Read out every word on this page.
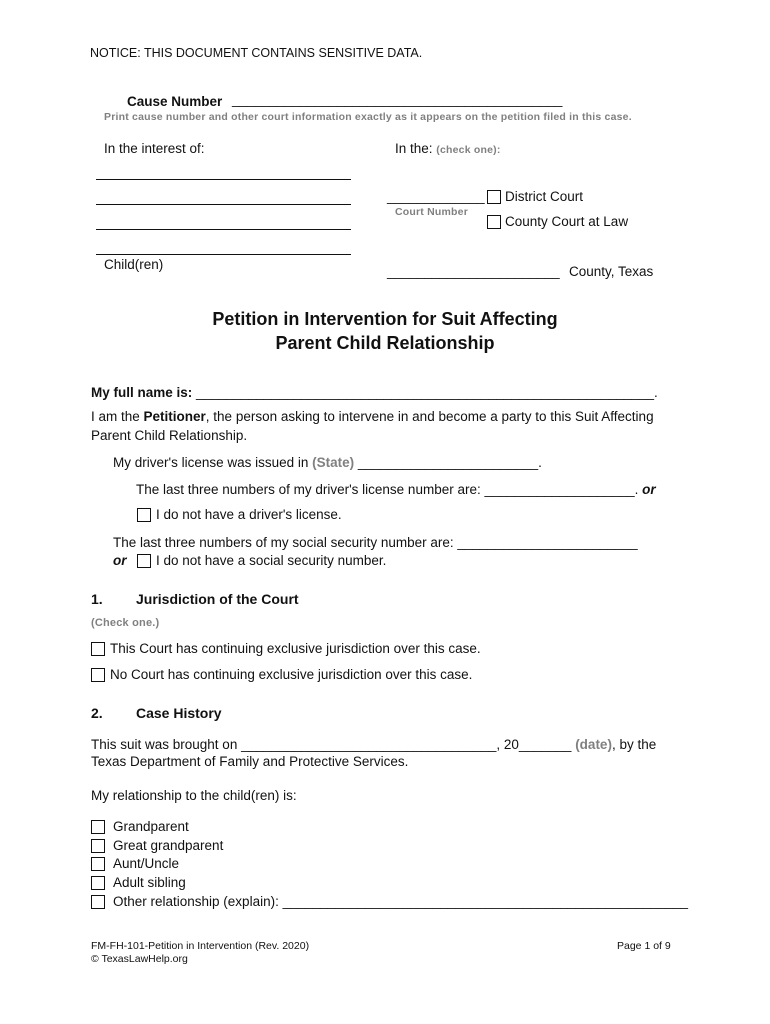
NOTICE: THIS DOCUMENT CONTAINS SENSITIVE DATA.
Cause Number ____________________________________________
Print cause number and other court information exactly as it appears on the petition filed in this case.
In the interest of:
Child(ren)
In the: (check one):
_____________
Court Number
District Court
County Court at Law
_______________________ County, Texas
Petition in Intervention for Suit Affecting
Parent Child Relationship
My full name is: _____________________________________________________________.
I am the Petitioner, the person asking to intervene in and become a party to this Suit Affecting
Parent Child Relationship.
My driver's license was issued in (State) ________________________.
The last three numbers of my driver's license number are: ____________________. or
I do not have a driver's license.
The last three numbers of my social security number are: ________________________
or I do not have a social security number.
1. Jurisdiction of the Court
(Check one.)
This Court has continuing exclusive jurisdiction over this case.
No Court has continuing exclusive jurisdiction over this case.
2. Case History
This suit was brought on __________________________________, 20_______ (date), by the
Texas Department of Family and Protective Services.
My relationship to the child(ren) is:
Grandparent
Great grandparent
Aunt/Uncle
Adult sibling
Other relationship (explain): ______________________________________________________
FM-FH-101-Petition in Intervention (Rev. 2020)
© TexasLawHelp.org
Page 1 of 9
